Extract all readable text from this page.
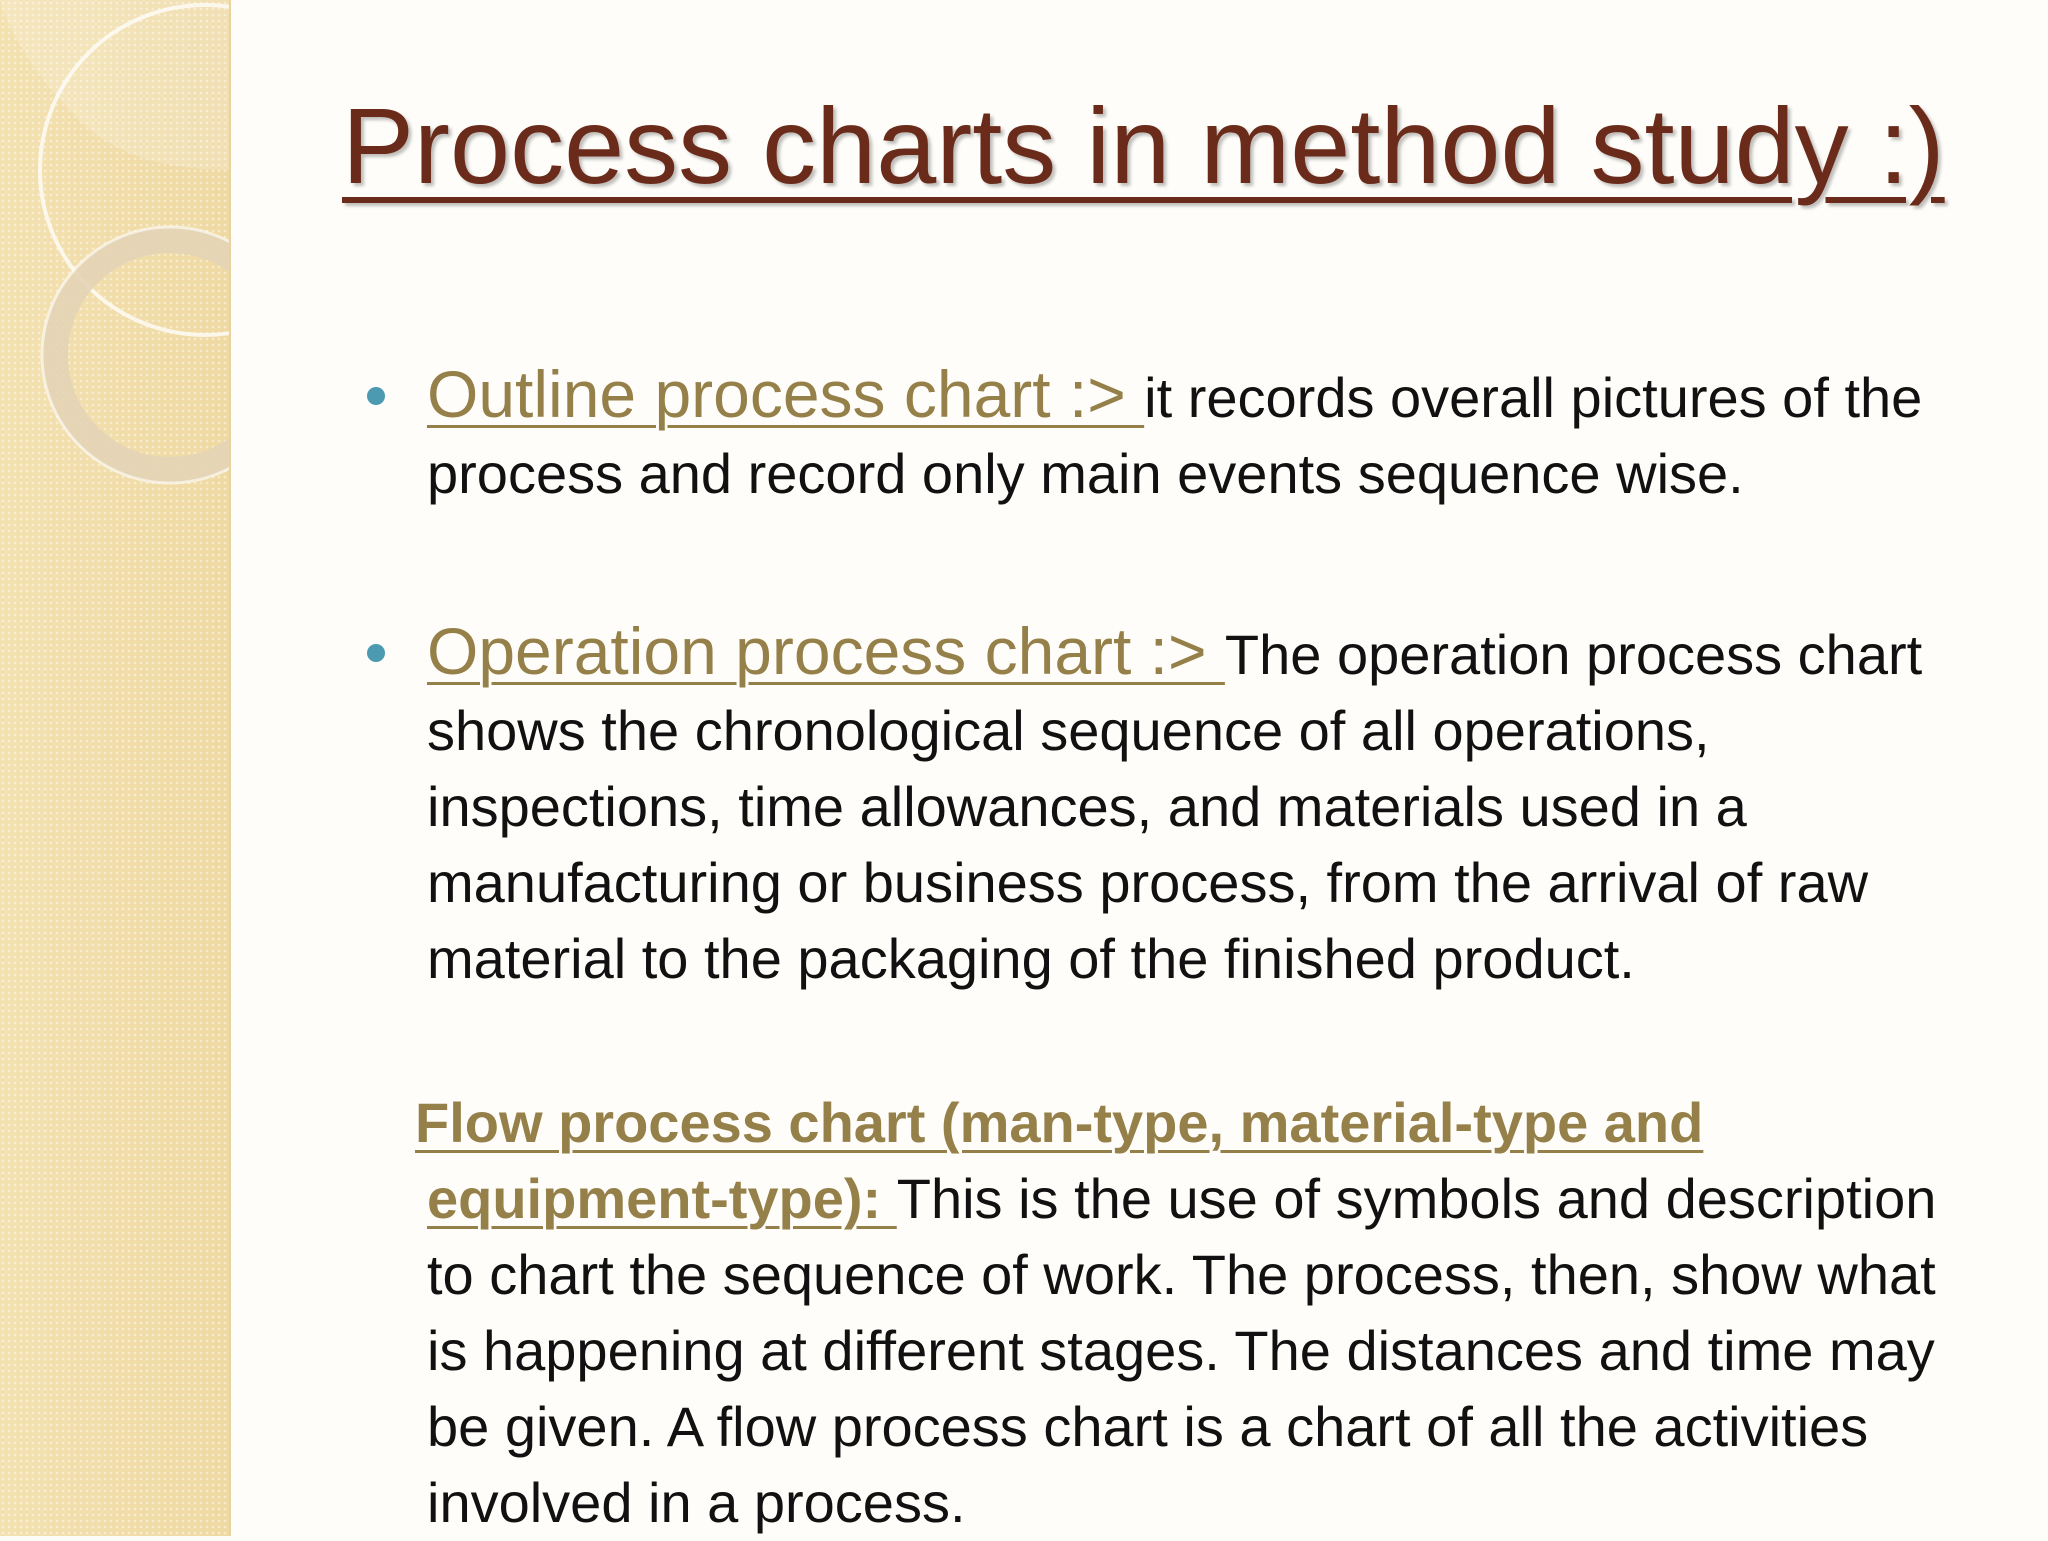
Process charts in method study :)

Outline process chart :> it records overall pictures of the process and record only main events sequence wise.

Operation process chart :> The operation process chart shows the chronological sequence of all operations, inspections, time allowances, and materials used in a manufacturing or business process, from the arrival of raw material to the packaging of the finished product.

Flow process chart (man-type, material-type and equipment-type): This is the use of symbols and description to chart the sequence of work. The process, then, show what is happening at different stages. The distances and time may be given. A flow process chart is a chart of all the activities involved in a process.
